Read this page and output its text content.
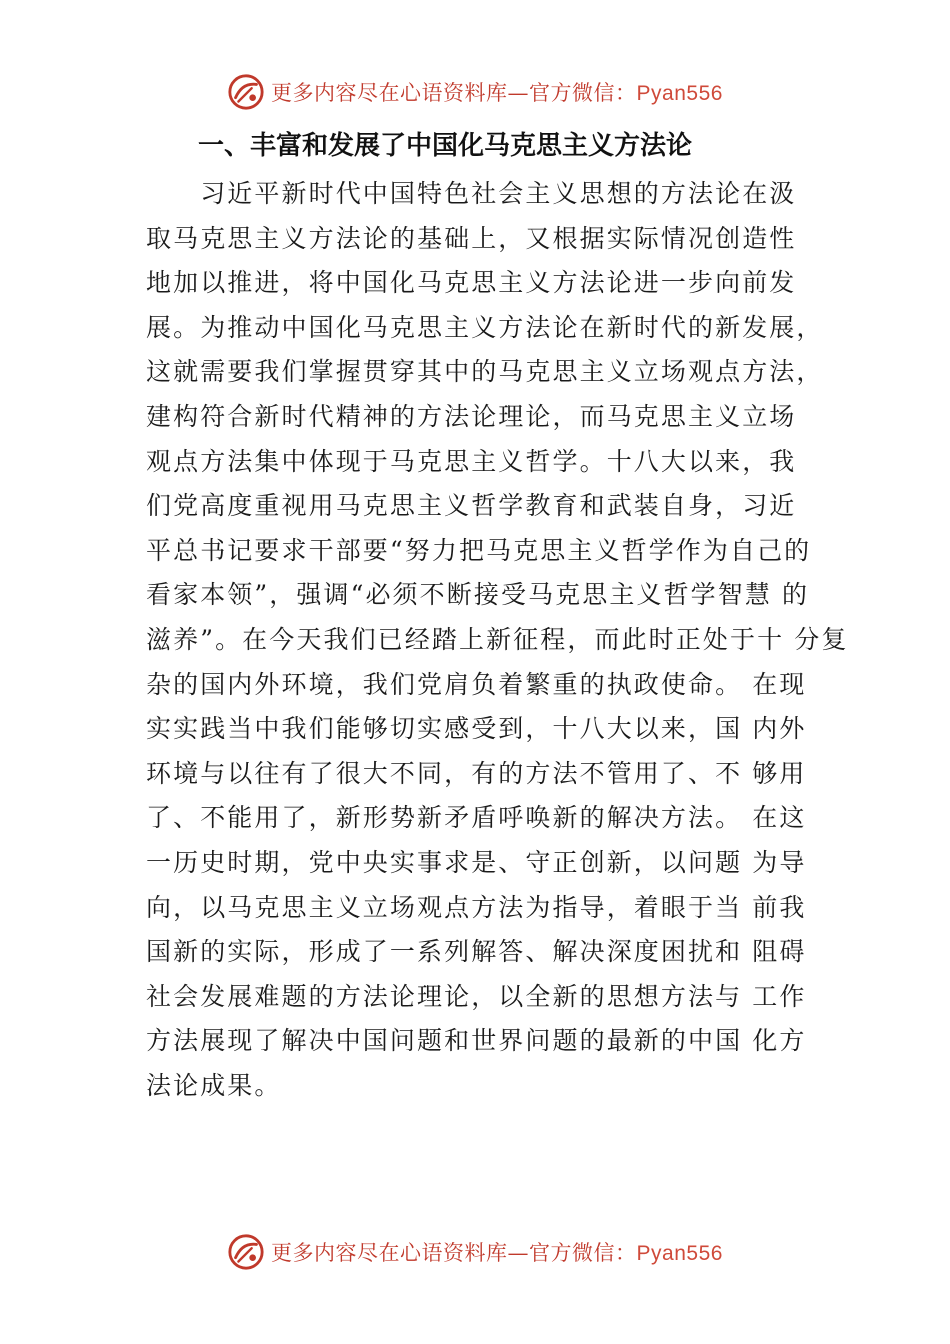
更多内容尽在心语资料库—官方微信：Pyan556
一、丰富和发展了中国化马克思主义方法论
　　习近平新时代中国特色社会主义思想的方法论在汲
取马克思主义方法论的基础上，又根据实际情况创造性
地加以推进，将中国化马克思主义方法论进一步向前发
展。为推动中国化马克思主义方法论在新时代的新发展，
这就需要我们掌握贯穿其中的马克思主义立场观点方法，
建构符合新时代精神的方法论理论，而马克思主义立场
观点方法集中体现于马克思主义哲学。十八大以来，我
们党高度重视用马克思主义哲学教育和武装自身，习近
平总书记要求干部要“努力把马克思主义哲学作为自己的
看家本领”，强调“必须不断接受马克思主义哲学智慧 的
滋养”。在今天我们已经踏上新征程，而此时正处于十 分复
杂的国内外环境，我们党肩负着繁重的执政使命。 在现
实实践当中我们能够切实感受到，十八大以来，国 内外
环境与以往有了很大不同，有的方法不管用了、不 够用
了、不能用了，新形势新矛盾呼唤新的解决方法。 在这
一历史时期，党中央实事求是、守正创新，以问题 为导
向，以马克思主义立场观点方法为指导，着眼于当 前我
国新的实际，形成了一系列解答、解决深度困扰和 阻碍
社会发展难题的方法论理论，以全新的思想方法与 工作
方法展现了解决中国问题和世界问题的最新的中国 化方
法论成果。
更多内容尽在心语资料库—官方微信：Pyan556
